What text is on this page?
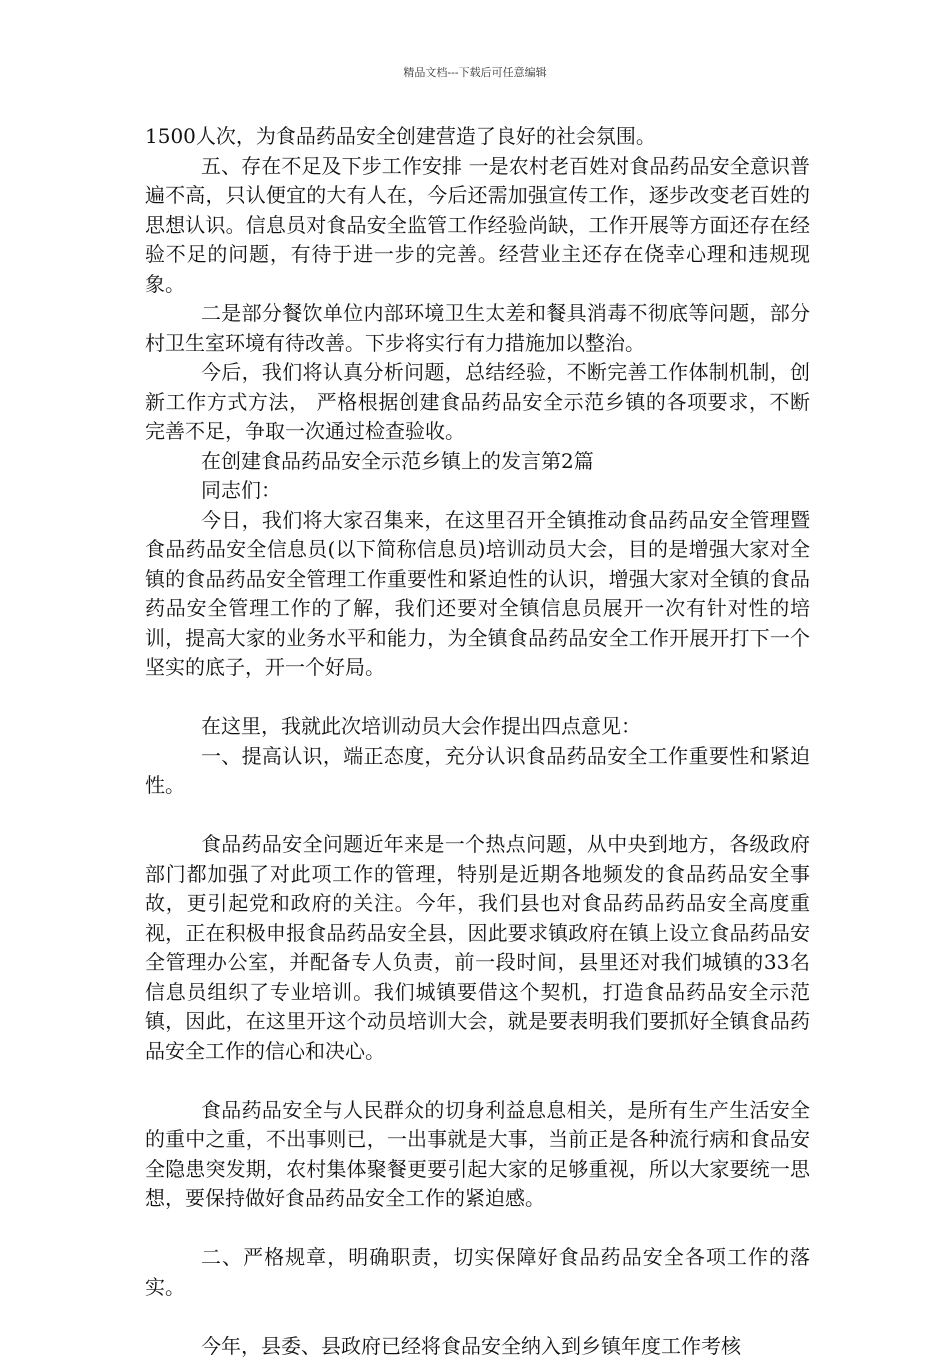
精品文档---下载后可任意编辑

1500人次，为食品药品安全创建营造了良好的社会氛围。

五、存在不足及下步工作安排 一是农村老百姓对食品药品安全意识普遍不高，只认便宜的大有人在，今后还需加强宣传工作，逐步改变老百姓的思想认识。信息员对食品安全监管工作经验尚缺，工作开展等方面还存在经验不足的问题，有待于进一步的完善。经营业主还存在侥幸心理和违规现象。

二是部分餐饮单位内部环境卫生太差和餐具消毒不彻底等问题，部分村卫生室环境有待改善。下步将实行有力措施加以整治。

今后，我们将认真分析问题，总结经验，不断完善工作体制机制，创新工作方式方法， 严格根据创建食品药品安全示范乡镇的各项要求，不断完善不足，争取一次通过检查验收。

在创建食品药品安全示范乡镇上的发言第2篇

同志们：

今日，我们将大家召集来，在这里召开全镇推动食品药品安全管理暨食品药品安全信息员(以下简称信息员)培训动员大会，目的是增强大家对全镇的食品药品安全管理工作重要性和紧迫性的认识，增强大家对全镇的食品药品安全管理工作的了解，我们还要对全镇信息员展开一次有针对性的培训，提高大家的业务水平和能力，为全镇食品药品安全工作开展开打下一个坚实的底子，开一个好局。

在这里，我就此次培训动员大会作提出四点意见：

一、提高认识，端正态度，充分认识食品药品安全工作重要性和紧迫性。

食品药品安全问题近年来是一个热点问题，从中央到地方，各级政府部门都加强了对此项工作的管理，特别是近期各地频发的食品药品安全事故，更引起党和政府的关注。今年，我们县也对食品药品药品安全高度重视，正在积极申报食品药品安全县，因此要求镇政府在镇上设立食品药品安全管理办公室，并配备专人负责，前一段时间，县里还对我们城镇的33名信息员组织了专业培训。我们城镇要借这个契机，打造食品药品安全示范镇，因此，在这里开这个动员培训大会，就是要表明我们要抓好全镇食品药品安全工作的信心和决心。

食品药品安全与人民群众的切身利益息息相关，是所有生产生活安全的重中之重，不出事则已，一出事就是大事，当前正是各种流行病和食品安全隐患突发期，农村集体聚餐更要引起大家的足够重视，所以大家要统一思想，要保持做好食品药品安全工作的紧迫感。

二、严格规章，明确职责，切实保障好食品药品安全各项工作的落实。

今年，县委、县政府已经将食品安全纳入到乡镇年度工作考核
